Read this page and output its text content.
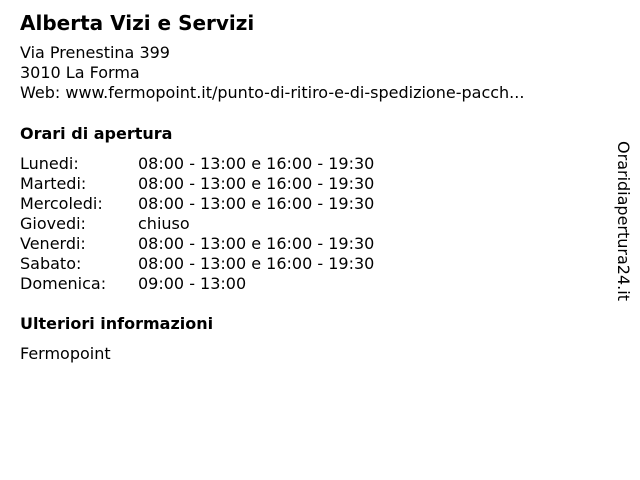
Alberta Vizi e Servizi
Via Prenestina 399
3010 La Forma
Web: www.fermopoint.it/punto-di-ritiro-e-di-spedizione-pacch...
Orari di apertura
Lunedi:	08:00 - 13:00 e 16:00 - 19:30
Martedi:	08:00 - 13:00 e 16:00 - 19:30
Mercoledi:	08:00 - 13:00 e 16:00 - 19:30
Giovedi:	chiuso
Venerdi:	08:00 - 13:00 e 16:00 - 19:30
Sabato:	08:00 - 13:00 e 16:00 - 19:30
Domenica:	09:00 - 13:00
Ulteriori informazioni
Fermopoint
Oraridiapertura24.it
